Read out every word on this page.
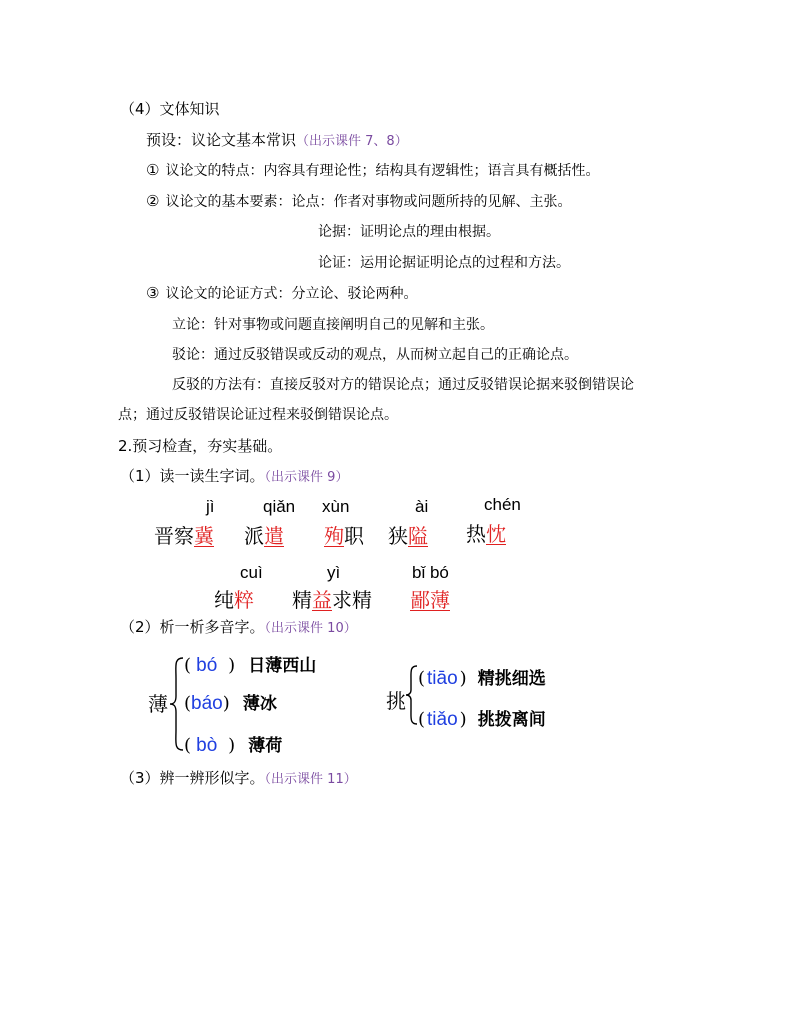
（4）文体知识
预设：议论文基本常识（出示课件 7、8）
① 议论文的特点：内容具有理论性；结构具有逻辑性；语言具有概括性。
② 议论文的基本要素：论点：作者对事物或问题所持的见解、主张。
论据：证明论点的理由根据。
论证：运用论据证明论点的过程和方法。
③ 议论文的论证方式：分立论、驳论两种。
立论：针对事物或问题直接阐明自己的见解和主张。
驳论：通过反驳错误或反动的观点，从而树立起自己的正确论点。
反驳的方法有：直接反驳对方的错误论点；通过反驳错误论据来驳倒错误论
点；通过反驳错误论证过程来驳倒错误论点。
2.预习检查，夯实基础。
（1）读一读生字词。（出示课件 9）
jì	qiǎn xùn	ài	chén
晋察冀 派遣 殉职 狭隘 热忱
cuì	yì	bǐ bó
纯粹 精益求精 鄙薄
（2）析一析多音字。（出示课件 10）
薄
( bó  ) 日薄西山
(báo) 薄冰
( bò  ) 薄荷
挑
( tiāo ) 精挑细选
( tiǎo ) 挑拨离间
（3）辨一辨形似字。（出示课件 11）
